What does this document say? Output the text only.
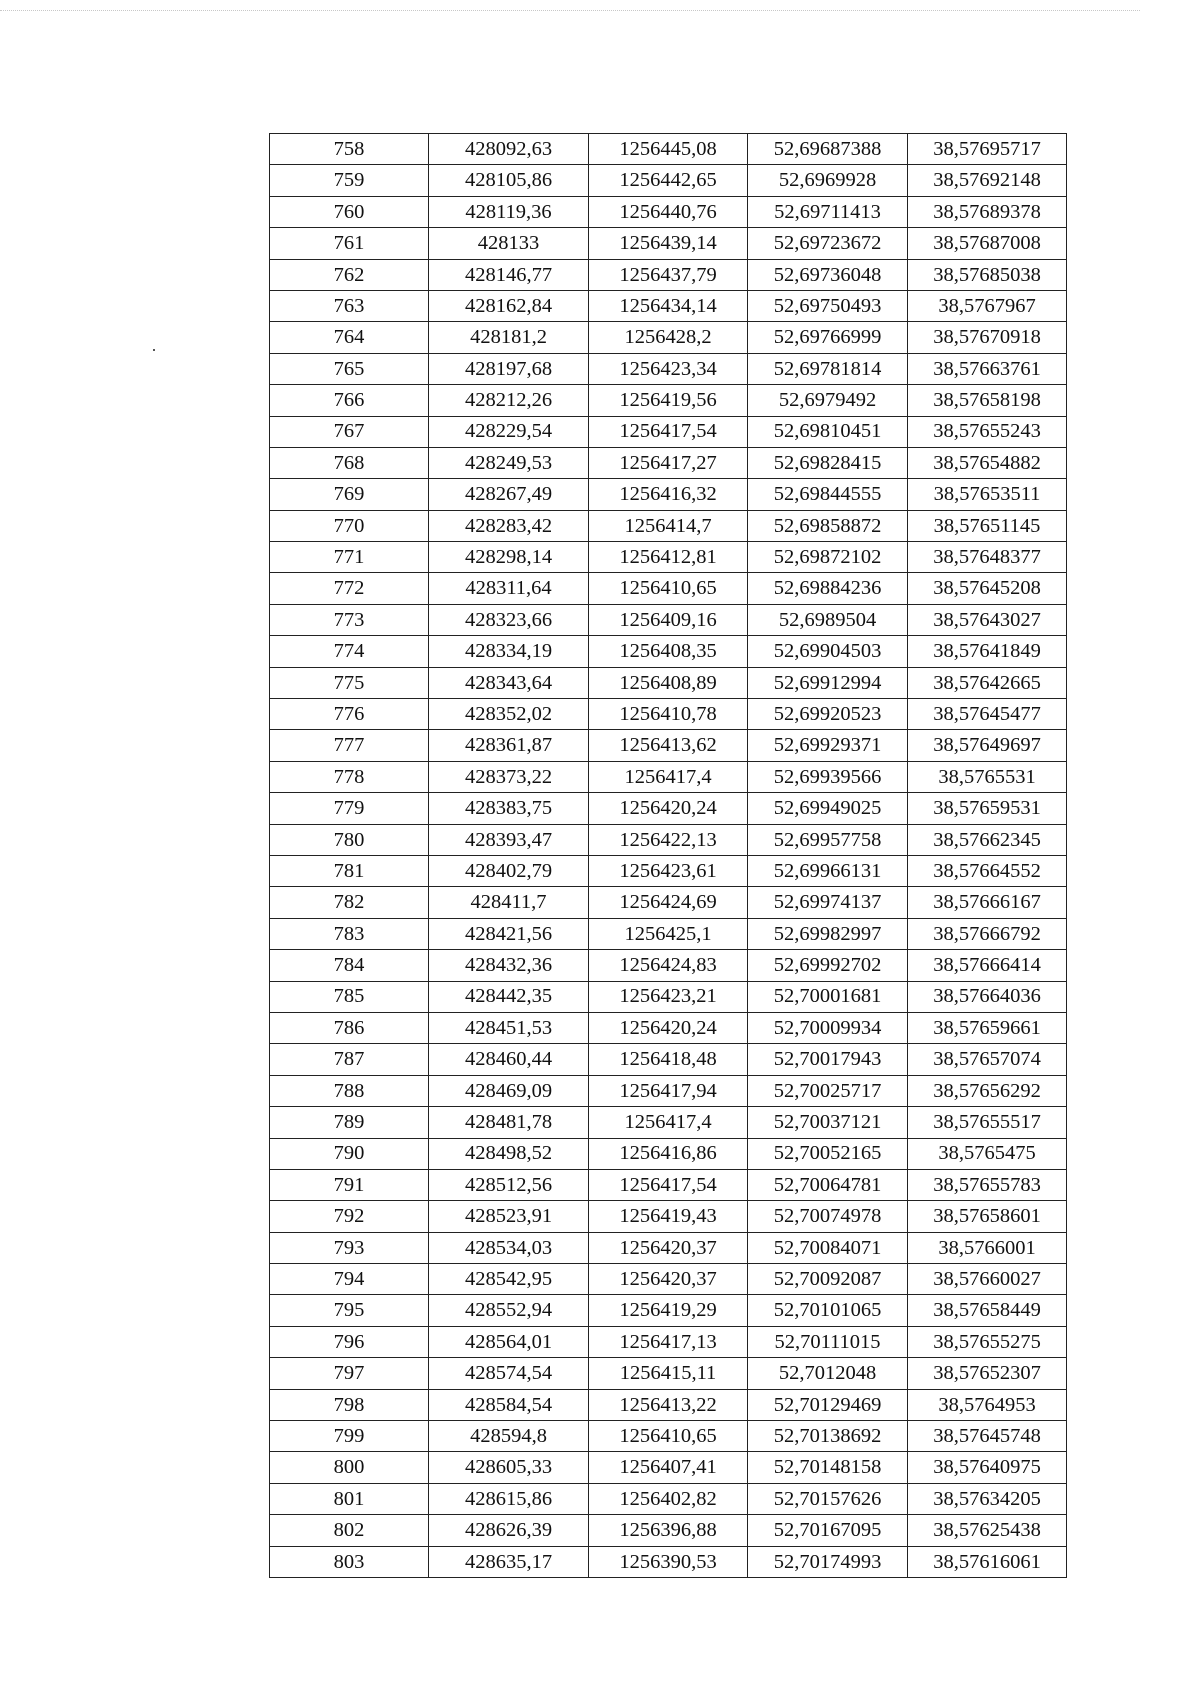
758	428092,63	1256445,08	52,69687388	38,57695717
759	428105,86	1256442,65	52,6969928	38,57692148
760	428119,36	1256440,76	52,69711413	38,57689378
761	428133	1256439,14	52,69723672	38,57687008
762	428146,77	1256437,79	52,69736048	38,57685038
763	428162,84	1256434,14	52,69750493	38,5767967
764	428181,2	1256428,2	52,69766999	38,57670918
765	428197,68	1256423,34	52,69781814	38,57663761
766	428212,26	1256419,56	52,6979492	38,57658198
767	428229,54	1256417,54	52,69810451	38,57655243
768	428249,53	1256417,27	52,69828415	38,57654882
769	428267,49	1256416,32	52,69844555	38,57653511
770	428283,42	1256414,7	52,69858872	38,57651145
771	428298,14	1256412,81	52,69872102	38,57648377
772	428311,64	1256410,65	52,69884236	38,57645208
773	428323,66	1256409,16	52,6989504	38,57643027
774	428334,19	1256408,35	52,69904503	38,57641849
775	428343,64	1256408,89	52,69912994	38,57642665
776	428352,02	1256410,78	52,69920523	38,57645477
777	428361,87	1256413,62	52,69929371	38,57649697
778	428373,22	1256417,4	52,69939566	38,5765531
779	428383,75	1256420,24	52,69949025	38,57659531
780	428393,47	1256422,13	52,69957758	38,57662345
781	428402,79	1256423,61	52,69966131	38,57664552
782	428411,7	1256424,69	52,69974137	38,57666167
783	428421,56	1256425,1	52,69982997	38,57666792
784	428432,36	1256424,83	52,69992702	38,57666414
785	428442,35	1256423,21	52,70001681	38,57664036
786	428451,53	1256420,24	52,70009934	38,57659661
787	428460,44	1256418,48	52,70017943	38,57657074
788	428469,09	1256417,94	52,70025717	38,57656292
789	428481,78	1256417,4	52,70037121	38,57655517
790	428498,52	1256416,86	52,70052165	38,5765475
791	428512,56	1256417,54	52,70064781	38,57655783
792	428523,91	1256419,43	52,70074978	38,57658601
793	428534,03	1256420,37	52,70084071	38,5766001
794	428542,95	1256420,37	52,70092087	38,57660027
795	428552,94	1256419,29	52,70101065	38,57658449
796	428564,01	1256417,13	52,70111015	38,57655275
797	428574,54	1256415,11	52,7012048	38,57652307
798	428584,54	1256413,22	52,70129469	38,5764953
799	428594,8	1256410,65	52,70138692	38,57645748
800	428605,33	1256407,41	52,70148158	38,57640975
801	428615,86	1256402,82	52,70157626	38,57634205
802	428626,39	1256396,88	52,70167095	38,57625438
803	428635,17	1256390,53	52,70174993	38,57616061
